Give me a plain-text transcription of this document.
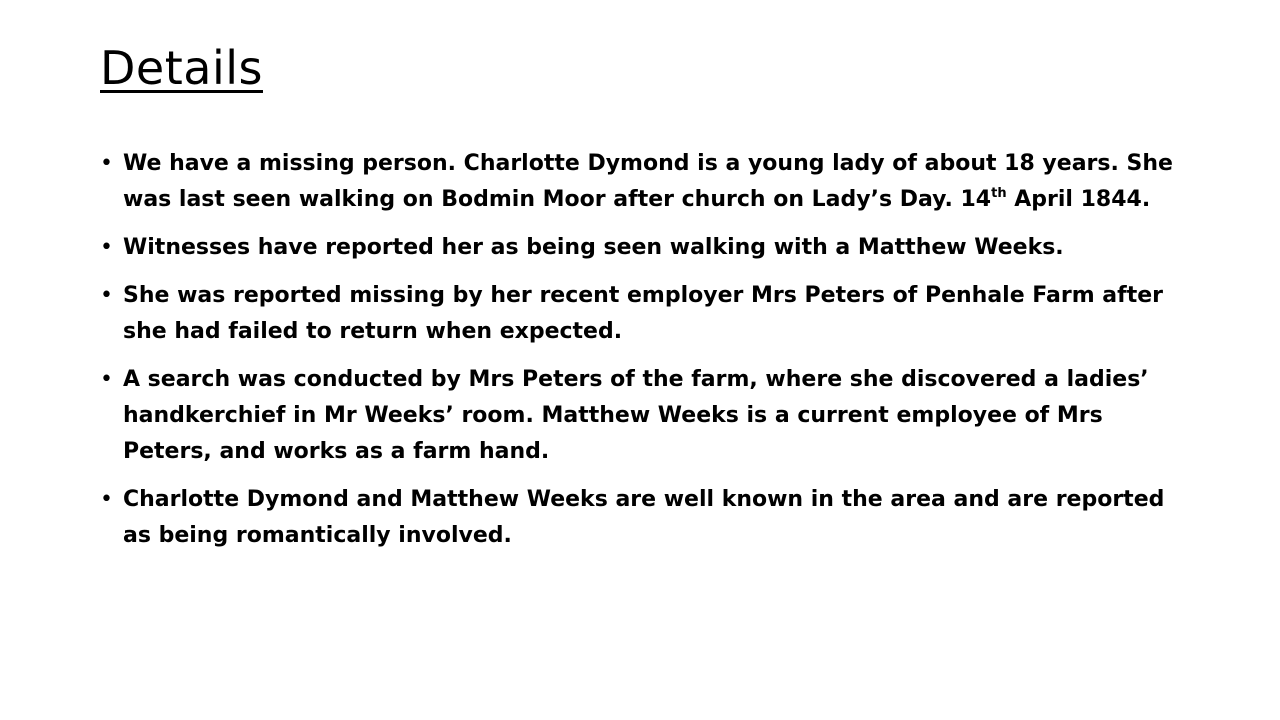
Details
• We have a missing person. Charlotte Dymond is a young lady of about 18 years. She was last seen walking on Bodmin Moor after church on Lady’s Day. 14th April 1844.
• Witnesses have reported her as being seen walking with a Matthew Weeks.
• She was reported missing by her recent employer Mrs Peters of Penhale Farm after she had failed to return when expected.
• A search was conducted by Mrs Peters of the farm, where she discovered a ladies’ handkerchief in Mr Weeks’ room. Matthew Weeks is a current employee of Mrs Peters, and works as a farm hand.
• Charlotte Dymond and Matthew Weeks are well known in the area and are reported as being romantically involved.
